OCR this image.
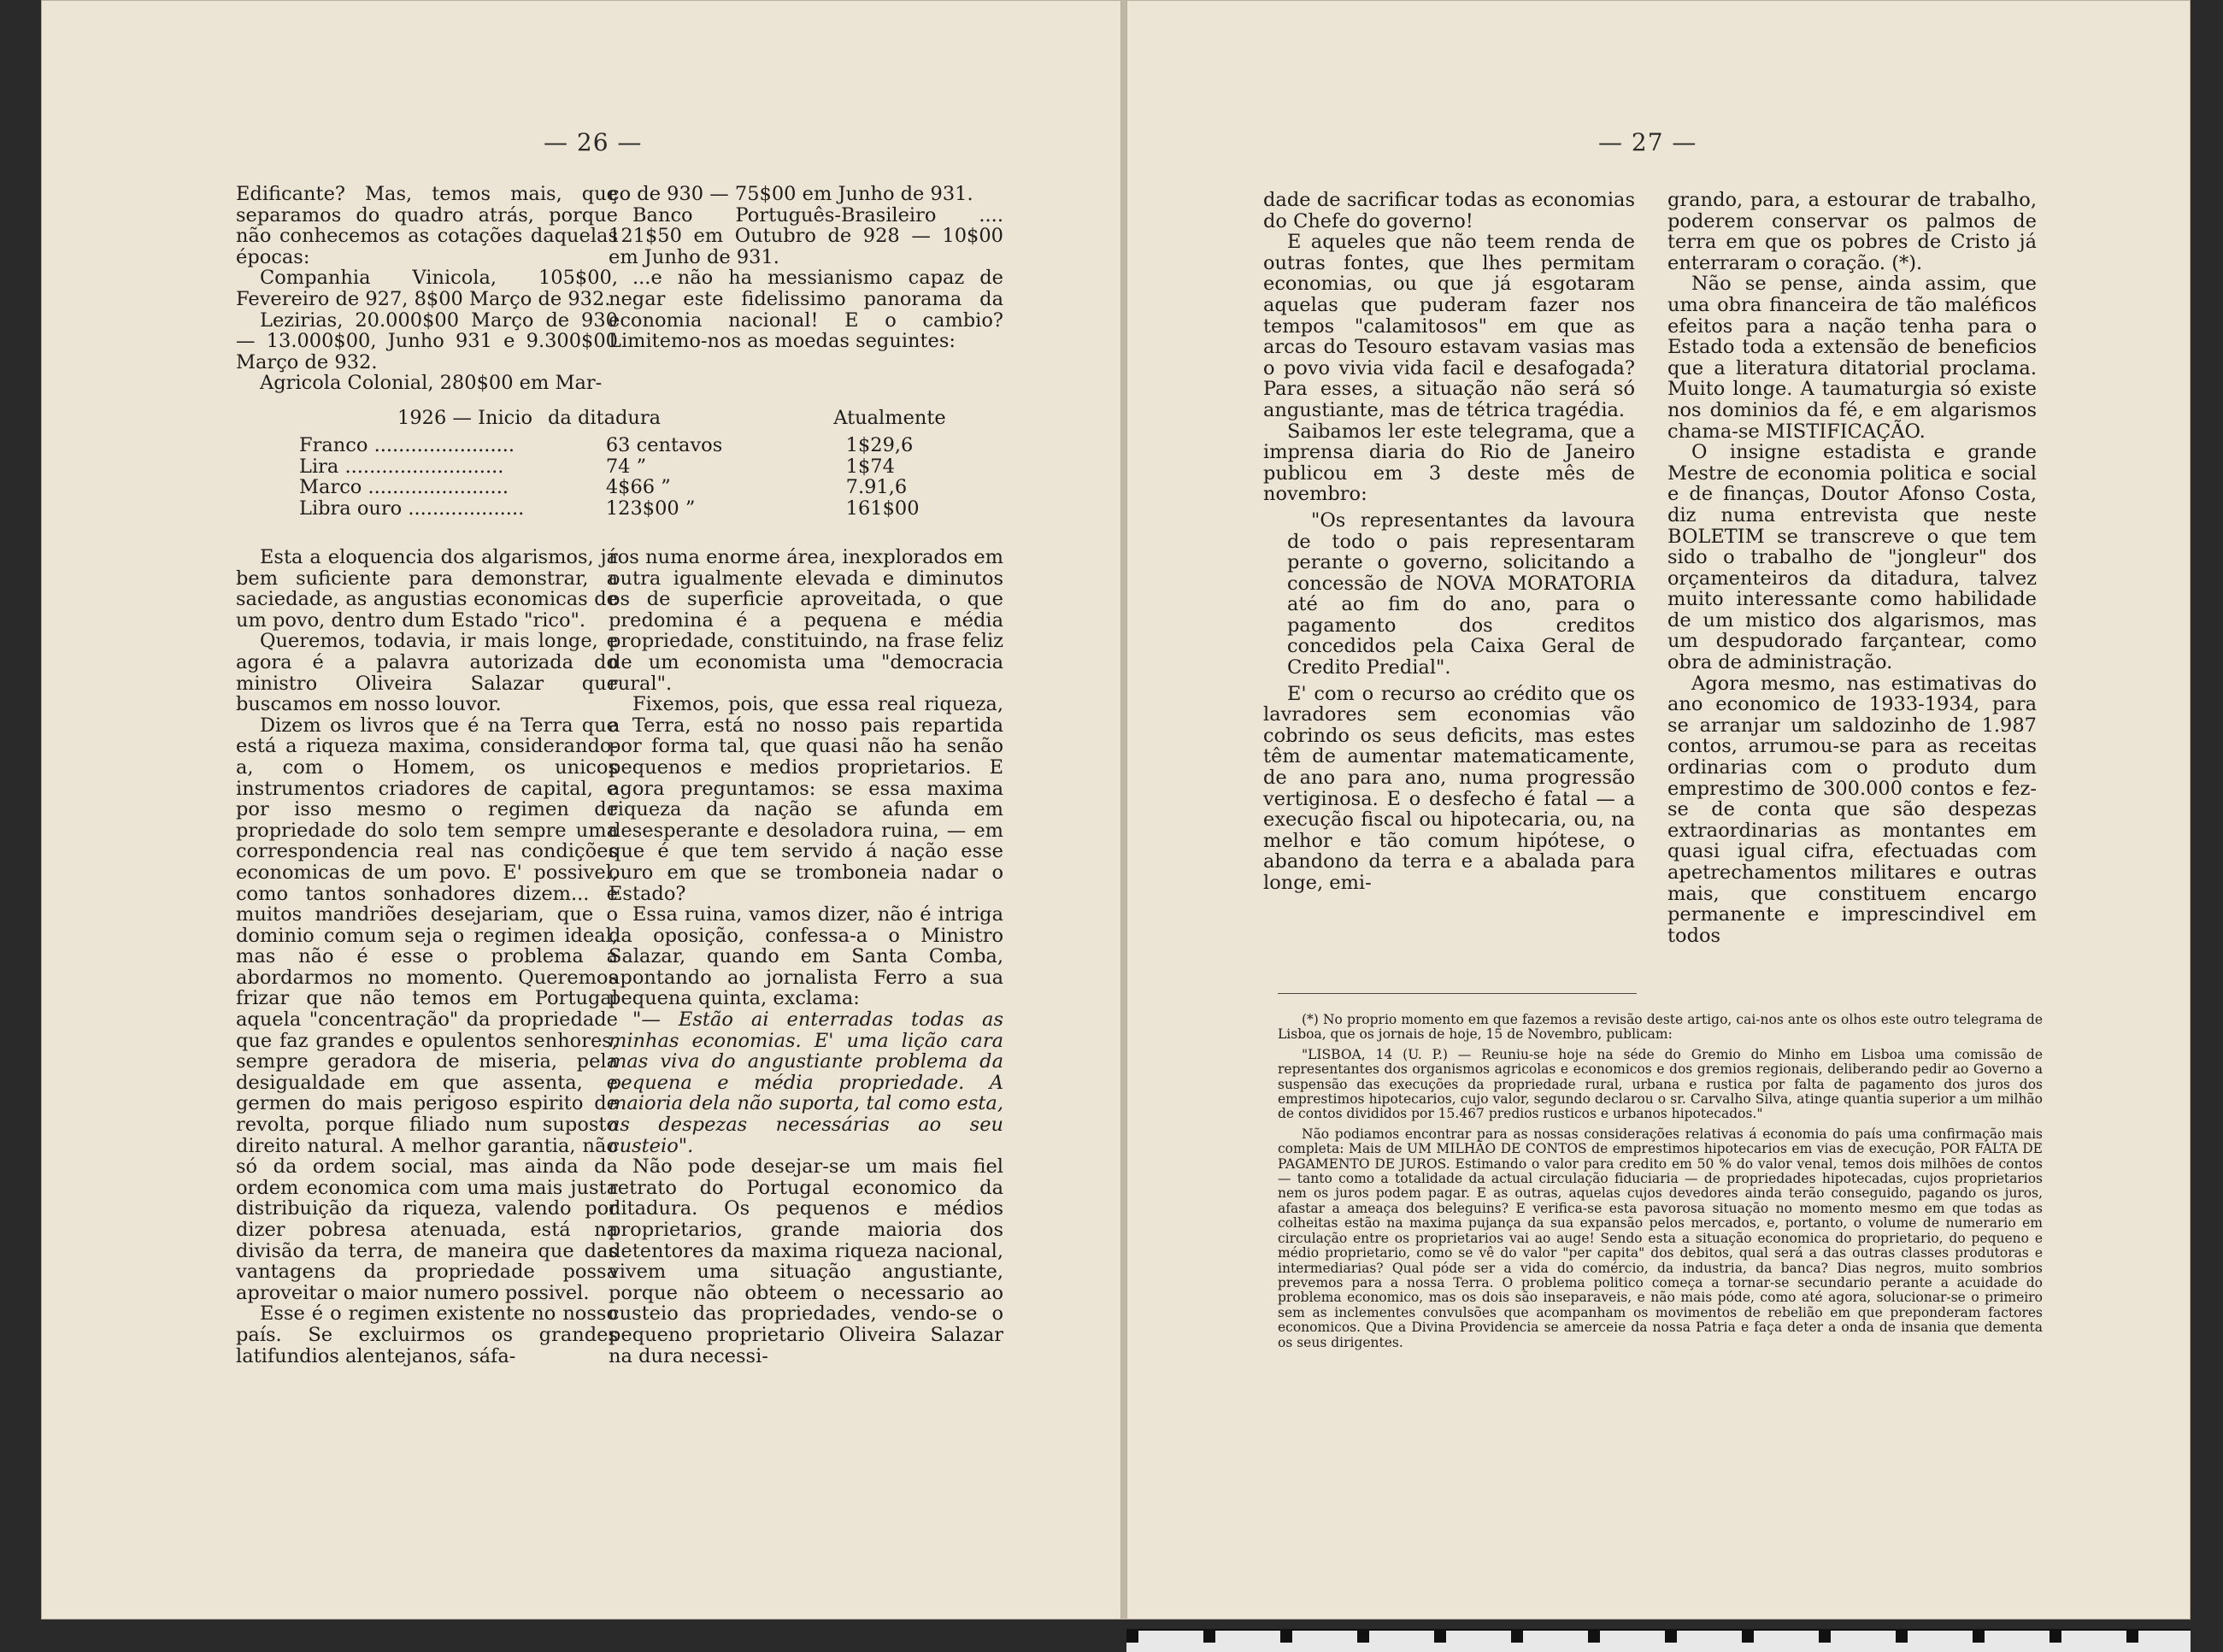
— 26 —

Edificante? Mas, temos mais, que separamos do quadro atrás, porque não conhecemos as cotações daquelas épocas:

Companhia Vinicola, 105$00, Fevereiro de 927, 8$00 Março de 932.

Lezirias, 20.000$00 Março de 930 — 13.000$00, Junho 931 e 9.300$00 Março de 932.

Agricola Colonial, 280$00 em Mar-

ço de 930 — 75$00 em Junho de 931.

Banco Português-Brasileiro .... 121$50 em Outubro de 928 — 10$00 em Junho de 931.

...e não ha messianismo capaz de negar este fidelissimo panorama da economia nacional! E o cambio? Limitemo-nos as moedas seguintes:

1926 — Inicio da ditadura	Atualmente
Franco .......................	63 centavos	1$29,6
Lira ..........................	74 ”	1$74
Marco .......................	4$66 ”	7.91,6
Libra ouro ...................	123$00 ”	161$00

Esta a eloquencia dos algarismos, já bem suficiente para demonstrar, a saciedade, as angustias economicas de um povo, dentro dum Estado "rico".

Queremos, todavia, ir mais longe, e agora é a palavra autorizada do ministro Oliveira Salazar que buscamos em nosso louvor.

Dizem os livros que é na Terra que está a riqueza maxima, considerando-a, com o Homem, os unicos instrumentos criadores de capital, e por isso mesmo o regimen de propriedade do solo tem sempre uma correspondencia real nas condições economicas de um povo. E' possivel, como tantos sonhadores dizem... e muitos mandriões desejariam, que o dominio comum seja o regimen ideal, mas não é esse o problema a abordarmos no momento. Queremos frizar que não temos em Portugal aquela "concentração" da propriedade que faz grandes e opulentos senhores, sempre geradora de miseria, pela desigualdade em que assenta, e germen do mais perigoso espirito de revolta, porque filiado num suposto direito natural. A melhor garantia, não só da ordem social, mas ainda da ordem economica com uma mais justa distribuição da riqueza, valendo por dizer pobresa atenuada, está na divisão da terra, de maneira que das vantagens da propriedade possa aproveitar o maior numero possivel.

Esse é o regimen existente no nosso país. Se excluirmos os grandes latifundios alentejanos, sáfa-

ros numa enorme área, inexplorados em outra igualmente elevada e diminutos os de superficie aproveitada, o que predomina é a pequena e média propriedade, constituindo, na frase feliz de um economista uma "democracia rural".

Fixemos, pois, que essa real riqueza, a Terra, está no nosso pais repartida por forma tal, que quasi não ha senão pequenos e medios proprietarios. E agora preguntamos: se essa maxima riqueza da nação se afunda em desesperante e desoladora ruina, — em que é que tem servido á nação esse ouro em que se tromboneia nadar o Estado?

Essa ruina, vamos dizer, não é intriga da oposição, confessa-a o Ministro Salazar, quando em Santa Comba, apontando ao jornalista Ferro a sua pequena quinta, exclama:

"— Estão ai enterradas todas as minhas economias. E' uma lição cara mas viva do angustiante problema da pequena e média propriedade. A maioria dela não suporta, tal como esta, as despezas necessárias ao seu custeio".

Não pode desejar-se um mais fiel retrato do Portugal economico da ditadura. Os pequenos e médios proprietarios, grande maioria dos detentores da maxima riqueza nacional, vivem uma situação angustiante, porque não obteem o necessario ao custeio das propriedades, vendo-se o pequeno proprietario Oliveira Salazar na dura necessi-

— 27 —

dade de sacrificar todas as economias do Chefe do governo!

E aqueles que não teem renda de outras fontes, que lhes permitam economias, ou que já esgotaram aquelas que puderam fazer nos tempos "calamitosos" em que as arcas do Tesouro estavam vasias mas o povo vivia vida facil e desafogada? Para esses, a situação não será só angustiante, mas de tétrica tragédia.

Saibamos ler este telegrama, que a imprensa diaria do Rio de Janeiro publicou em 3 deste mês de novembro:

"Os representantes da lavoura de todo o pais representaram perante o governo, solicitando a concessão de NOVA MORATORIA até ao fim do ano, para o pagamento dos creditos concedidos pela Caixa Geral de Credito Predial".

E' com o recurso ao crédito que os lavradores sem economias vão cobrindo os seus deficits, mas estes têm de aumentar matematicamente, de ano para ano, numa progressão vertiginosa. E o desfecho é fatal — a execução fiscal ou hipotecaria, ou, na melhor e tão comum hipótese, o abandono da terra e a abalada para longe, emi-

grando, para, a estourar de trabalho, poderem conservar os palmos de terra em que os pobres de Cristo já enterraram o coração. (*).

Não se pense, ainda assim, que uma obra financeira de tão maléficos efeitos para a nação tenha para o Estado toda a extensão de beneficios que a literatura ditatorial proclama. Muito longe. A taumaturgia só existe nos dominios da fé, e em algarismos chama-se MISTIFICAÇÃO.

O insigne estadista e grande Mestre de economia politica e social e de finanças, Doutor Afonso Costa, diz numa entrevista que neste BOLETIM se transcreve o que tem sido o trabalho de "jongleur" dos orçamenteiros da ditadura, talvez muito interessante como habilidade de um mistico dos algarismos, mas um despudorado farçantear, como obra de administração.

Agora mesmo, nas estimativas do ano economico de 1933-1934, para se arranjar um saldozinho de 1.987 contos, arrumou-se para as receitas ordinarias com o produto dum emprestimo de 300.000 contos e fez-se de conta que são despezas extraordinarias as montantes em quasi igual cifra, efectuadas com apetrechamentos militares e outras mais, que constituem encargo permanente e imprescindivel em todos

(*) No proprio momento em que fazemos a revisão deste artigo, cai-nos ante os olhos este outro telegrama de Lisboa, que os jornais de hoje, 15 de Novembro, publicam:

"LISBOA, 14 (U. P.) — Reuniu-se hoje na séde do Gremio do Minho em Lisboa uma comissão de representantes dos organismos agricolas e economicos e dos gremios regionais, deliberando pedir ao Governo a suspensão das execuções da propriedade rural, urbana e rustica por falta de pagamento dos juros dos emprestimos hipotecarios, cujo valor, segundo declarou o sr. Carvalho Silva, atinge quantia superior a um milhão de contos divididos por 15.467 predios rusticos e urbanos hipotecados."

Não podiamos encontrar para as nossas considerações relativas á economia do país uma confirmação mais completa: Mais de UM MILHÃO DE CONTOS de emprestimos hipotecarios em vias de execução, POR FALTA DE PAGAMENTO DE JUROS. Estimando o valor para credito em 50 % do valor venal, temos dois milhões de contos — tanto como a totalidade da actual circulação fiduciaria — de propriedades hipotecadas, cujos proprietarios nem os juros podem pagar. E as outras, aquelas cujos devedores ainda terão conseguido, pagando os juros, afastar a ameaça dos beleguins? E verifica-se esta pavorosa situação no momento mesmo em que todas as colheitas estão na maxima pujança da sua expansão pelos mercados, e, portanto, o volume de numerario em circulação entre os proprietarios vai ao auge! Sendo esta a situação economica do proprietario, do pequeno e médio proprietario, como se vê do valor "per capita" dos debitos, qual será a das outras classes produtoras e intermediarias? Qual póde ser a vida do comércio, da industria, da banca? Dias negros, muito sombrios prevemos para a nossa Terra. O problema politico começa a tornar-se secundario perante a acuidade do problema economico, mas os dois são inseparaveis, e não mais póde, como até agora, solucionar-se o primeiro sem as inclementes convulsões que acompanham os movimentos de rebelião em que preponderam factores economicos. Que a Divina Providencia se amerceie da nossa Patria e faça deter a onda de insania que dementa os seus dirigentes.
